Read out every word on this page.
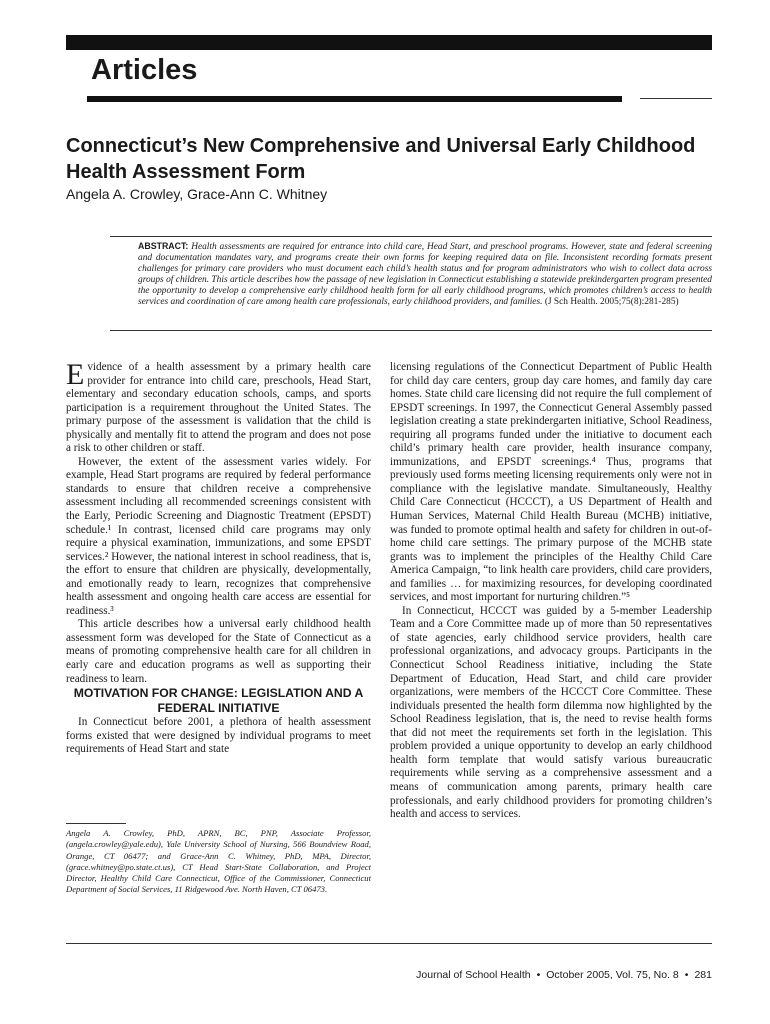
Articles
Connecticut’s New Comprehensive and Universal Early Childhood Health Assessment Form
Angela A. Crowley, Grace-Ann C. Whitney

ABSTRACT: Health assessments are required for entrance into child care, Head Start, and preschool programs. However, state and federal screening and documentation mandates vary, and programs create their own forms for keeping required data on file. Inconsistent recording formats present challenges for primary care providers who must document each child’s health status and for program administrators who wish to collect data across groups of children. This article describes how the passage of new legislation in Connecticut establishing a statewide prekindergarten program presented the opportunity to develop a comprehensive early childhood health form for all early childhood programs, which promotes children’s access to health services and coordination of care among health care professionals, early childhood providers, and families. (J Sch Health. 2005;75(8):281-285)

Evidence of a health assessment by a primary health care provider for entrance into child care, preschools, Head Start, elementary and secondary education schools, camps, and sports participation is a requirement throughout the United States. The primary purpose of the assessment is validation that the child is physically and mentally fit to attend the program and does not pose a risk to other children or staff.

However, the extent of the assessment varies widely. For example, Head Start programs are required by federal performance standards to ensure that children receive a comprehensive assessment including all recommended screenings consistent with the Early, Periodic Screening and Diagnostic Treatment (EPSDT) schedule.¹ In contrast, licensed child care programs may only require a physical examination, immunizations, and some EPSDT services.² However, the national interest in school readiness, that is, the effort to ensure that children are physically, developmentally, and emotionally ready to learn, recognizes that comprehensive health assessment and ongoing health care access are essential for readiness.³

This article describes how a universal early childhood health assessment form was developed for the State of Connecticut as a means of promoting comprehensive health care for all children in early care and education programs as well as supporting their readiness to learn.

MOTIVATION FOR CHANGE: LEGISLATION AND A FEDERAL INITIATIVE

In Connecticut before 2001, a plethora of health assessment forms existed that were designed by individual programs to meet requirements of Head Start and state

Angela A. Crowley, PhD, APRN, BC, PNP, Associate Professor, (angela.crowley@yale.edu), Yale University School of Nursing, 566 Boundview Road, Orange, CT 06477; and Grace-Ann C. Whitney, PhD, MPA, Director, (grace.whitney@po.state.ct.us), CT Head Start-State Collaboration, and Project Director, Healthy Child Care Connecticut, Office of the Commissioner, Connecticut Department of Social Services, 11 Ridgewood Ave. North Haven, CT 06473.

licensing regulations of the Connecticut Department of Public Health for child day care centers, group day care homes, and family day care homes. State child care licensing did not require the full complement of EPSDT screenings. In 1997, the Connecticut General Assembly passed legislation creating a state prekindergarten initiative, School Readiness, requiring all programs funded under the initiative to document each child’s primary health care provider, health insurance company, immunizations, and EPSDT screenings.⁴ Thus, programs that previously used forms meeting licensing requirements only were not in compliance with the legislative mandate. Simultaneously, Healthy Child Care Connecticut (HCCCT), a US Department of Health and Human Services, Maternal Child Health Bureau (MCHB) initiative, was funded to promote optimal health and safety for children in out-of-home child care settings. The primary purpose of the MCHB state grants was to implement the principles of the Healthy Child Care America Campaign, “to link health care providers, child care providers, and families … for maximizing resources, for developing coordinated services, and most important for nurturing children.”⁵

In Connecticut, HCCCT was guided by a 5-member Leadership Team and a Core Committee made up of more than 50 representatives of state agencies, early childhood service providers, health care professional organizations, and advocacy groups. Participants in the Connecticut School Readiness initiative, including the State Department of Education, Head Start, and child care provider organizations, were members of the HCCCT Core Committee. These individuals presented the health form dilemma now highlighted by the School Readiness legislation, that is, the need to revise health forms that did not meet the requirements set forth in the legislation. This problem provided a unique opportunity to develop an early childhood health form template that would satisfy various bureaucratic requirements while serving as a comprehensive assessment and a means of communication among parents, primary health care professionals, and early childhood providers for promoting children’s health and access to services.

Journal of School Health • October 2005, Vol. 75, No. 8 • 281
